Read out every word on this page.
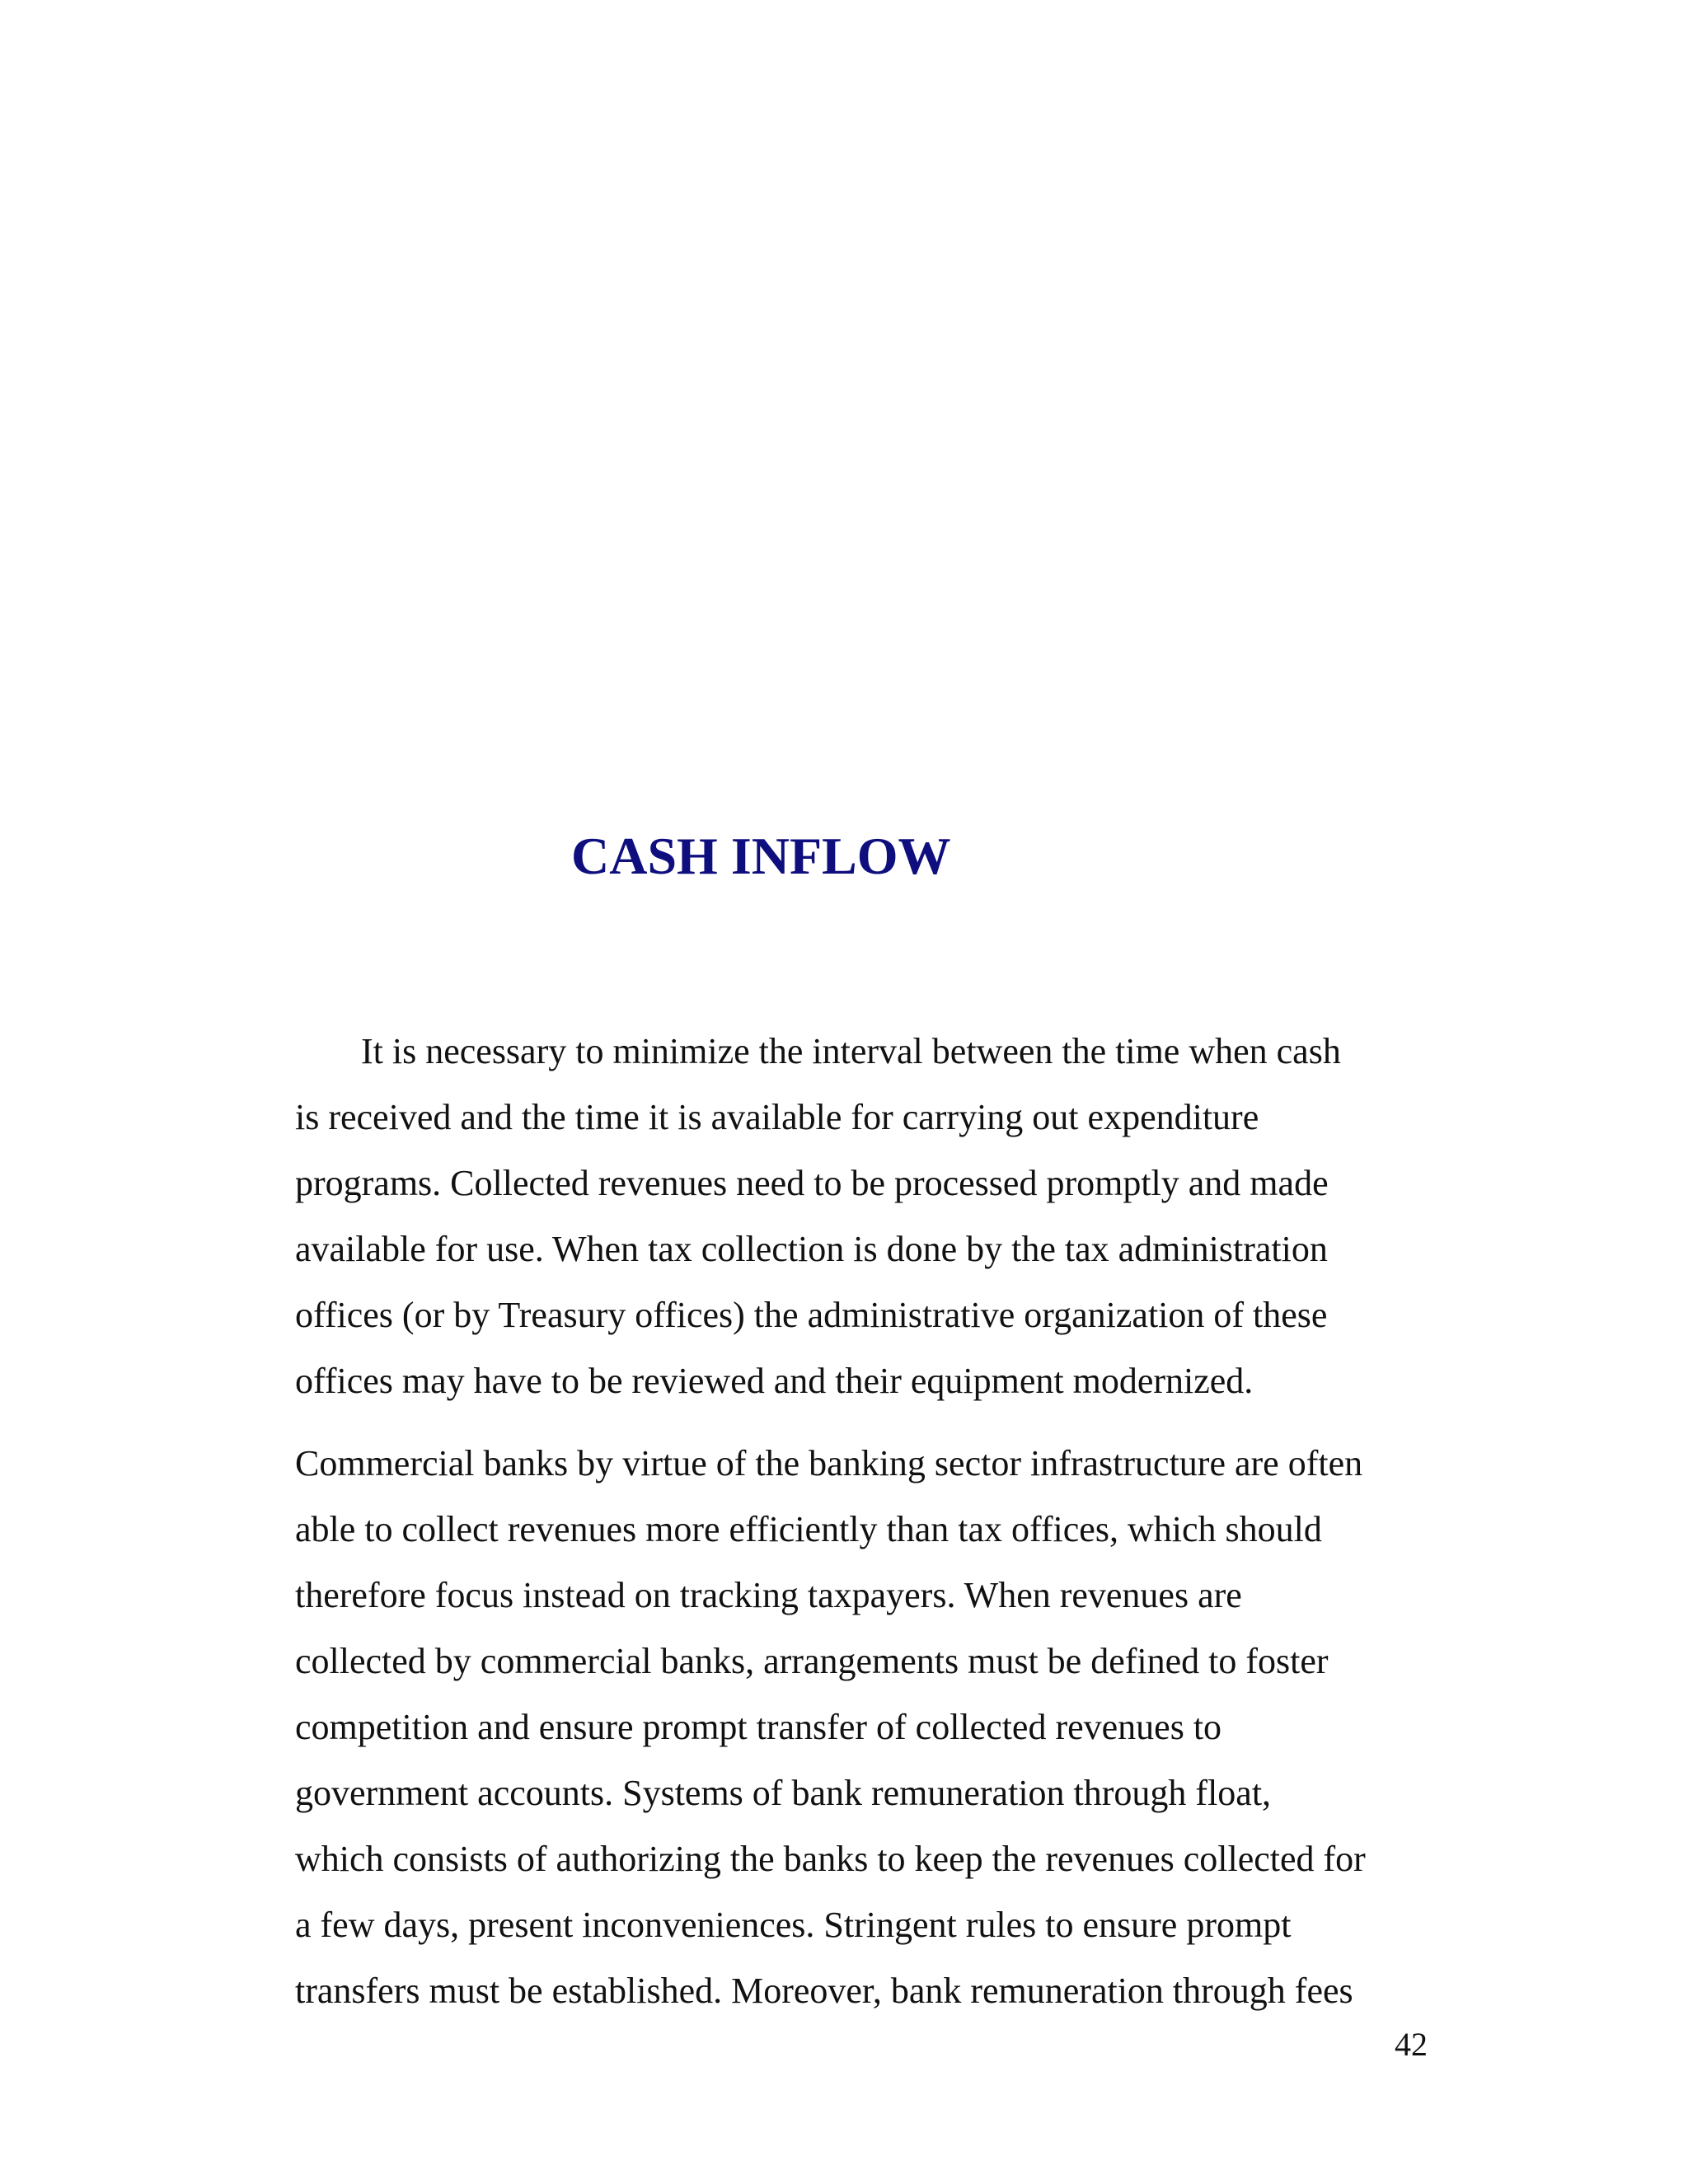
CASH INFLOW
It is necessary to minimize the interval between the time when cash
is received and the time it is available for carrying out expenditure
programs. Collected revenues need to be processed promptly and made
available for use. When tax collection is done by the tax administration
offices (or by Treasury offices) the administrative organization of these
offices may have to be reviewed and their equipment modernized.
Commercial banks by virtue of the banking sector infrastructure are often
able to collect revenues more efficiently than tax offices, which should
therefore focus instead on tracking taxpayers. When revenues are
collected by commercial banks, arrangements must be defined to foster
competition and ensure prompt transfer of collected revenues to
government accounts. Systems of bank remuneration through float,
which consists of authorizing the banks to keep the revenues collected for
a few days, present inconveniences. Stringent rules to ensure prompt
transfers must be established. Moreover, bank remuneration through fees
42
